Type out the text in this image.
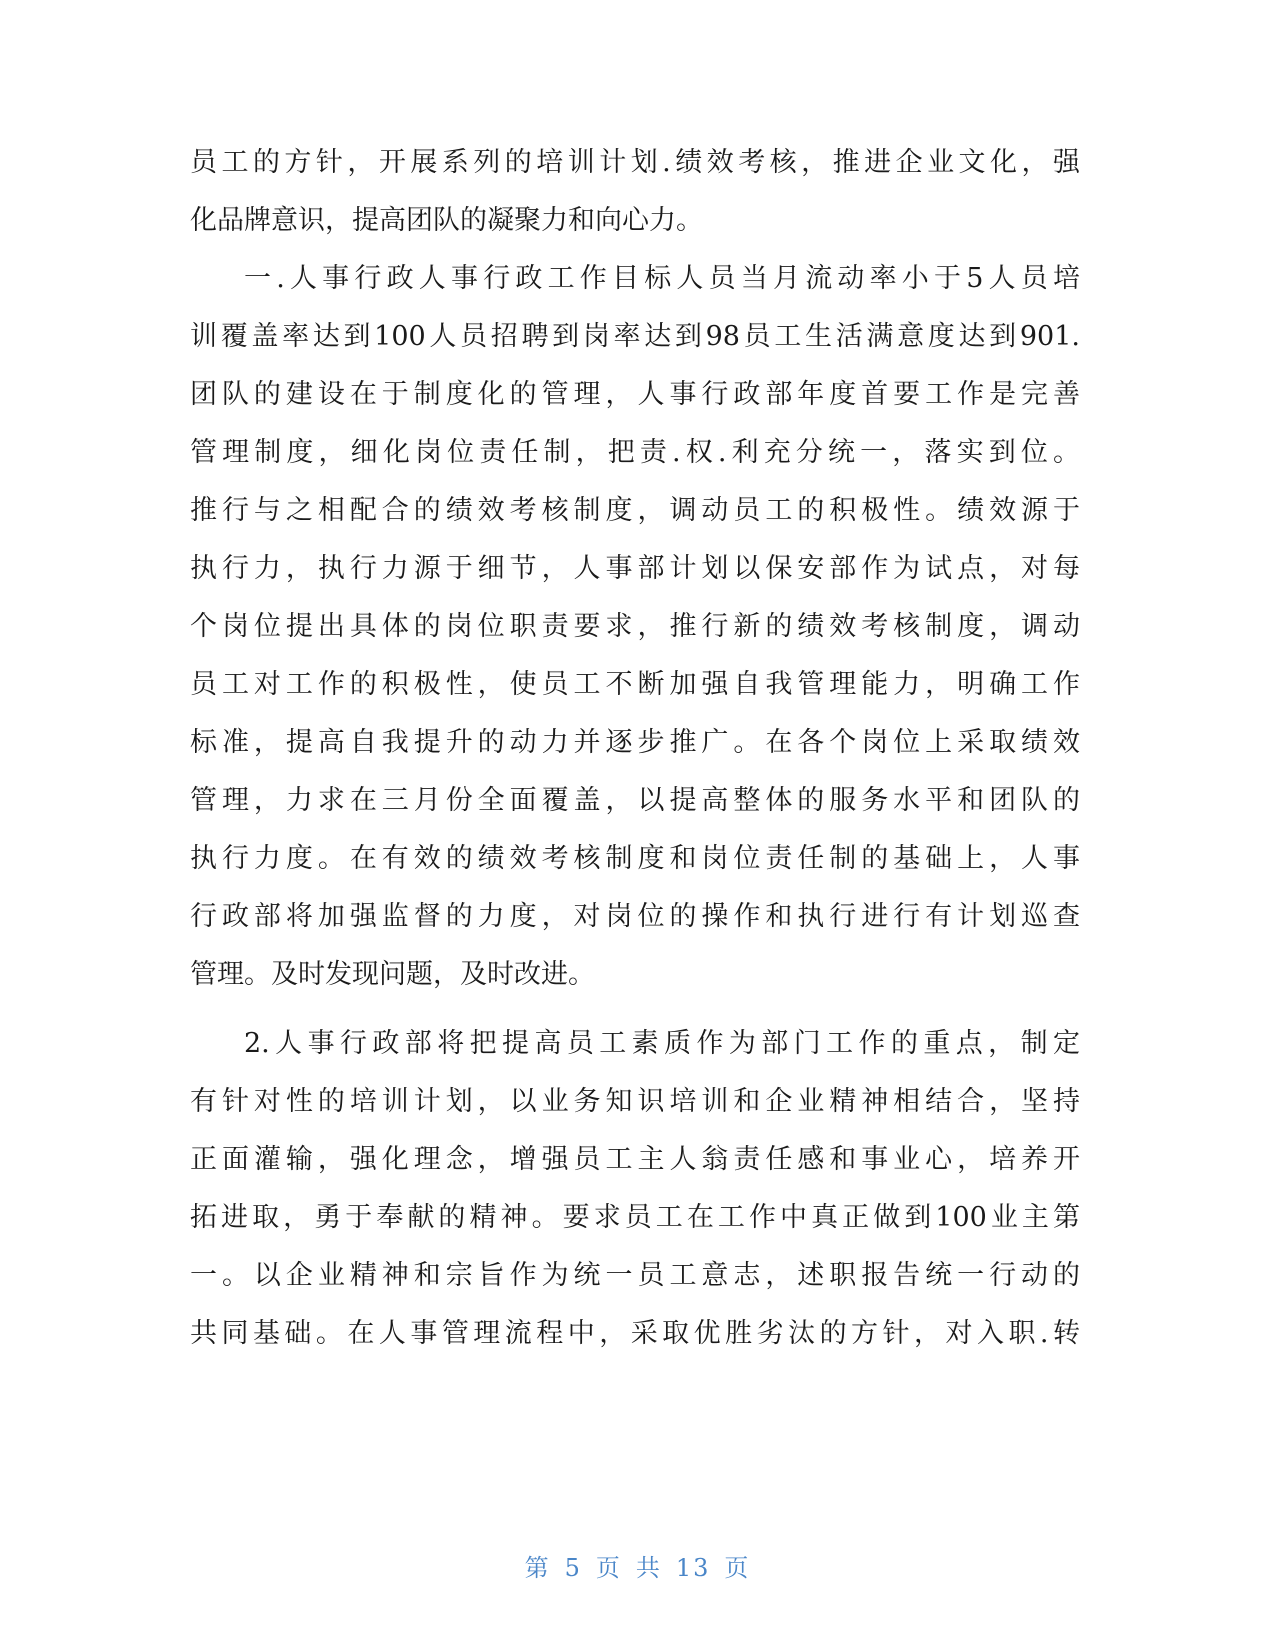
员工的方针，开展系列的培训计划.绩效考核，推进企业文化，强
化品牌意识，提高团队的凝聚力和向心力。
一.人事行政人事行政工作目标人员当月流动率小于5人员培
训覆盖率达到100人员招聘到岗率达到98员工生活满意度达到901.
团队的建设在于制度化的管理，人事行政部年度首要工作是完善
管理制度，细化岗位责任制，把责.权.利充分统一，落实到位。
推行与之相配合的绩效考核制度，调动员工的积极性。绩效源于
执行力，执行力源于细节，人事部计划以保安部作为试点，对每
个岗位提出具体的岗位职责要求，推行新的绩效考核制度，调动
员工对工作的积极性，使员工不断加强自我管理能力，明确工作
标准，提高自我提升的动力并逐步推广。在各个岗位上采取绩效
管理，力求在三月份全面覆盖，以提高整体的服务水平和团队的
执行力度。在有效的绩效考核制度和岗位责任制的基础上，人事
行政部将加强监督的力度，对岗位的操作和执行进行有计划巡查
管理。及时发现问题，及时改进。
2.人事行政部将把提高员工素质作为部门工作的重点，制定
有针对性的培训计划，以业务知识培训和企业精神相结合，坚持
正面灌输，强化理念，增强员工主人翁责任感和事业心，培养开
拓进取，勇于奉献的精神。要求员工在工作中真正做到100业主第
一。以企业精神和宗旨作为统一员工意志，述职报告统一行动的
共同基础。在人事管理流程中，采取优胜劣汰的方针，对入职.转
第 5 页 共 13 页
